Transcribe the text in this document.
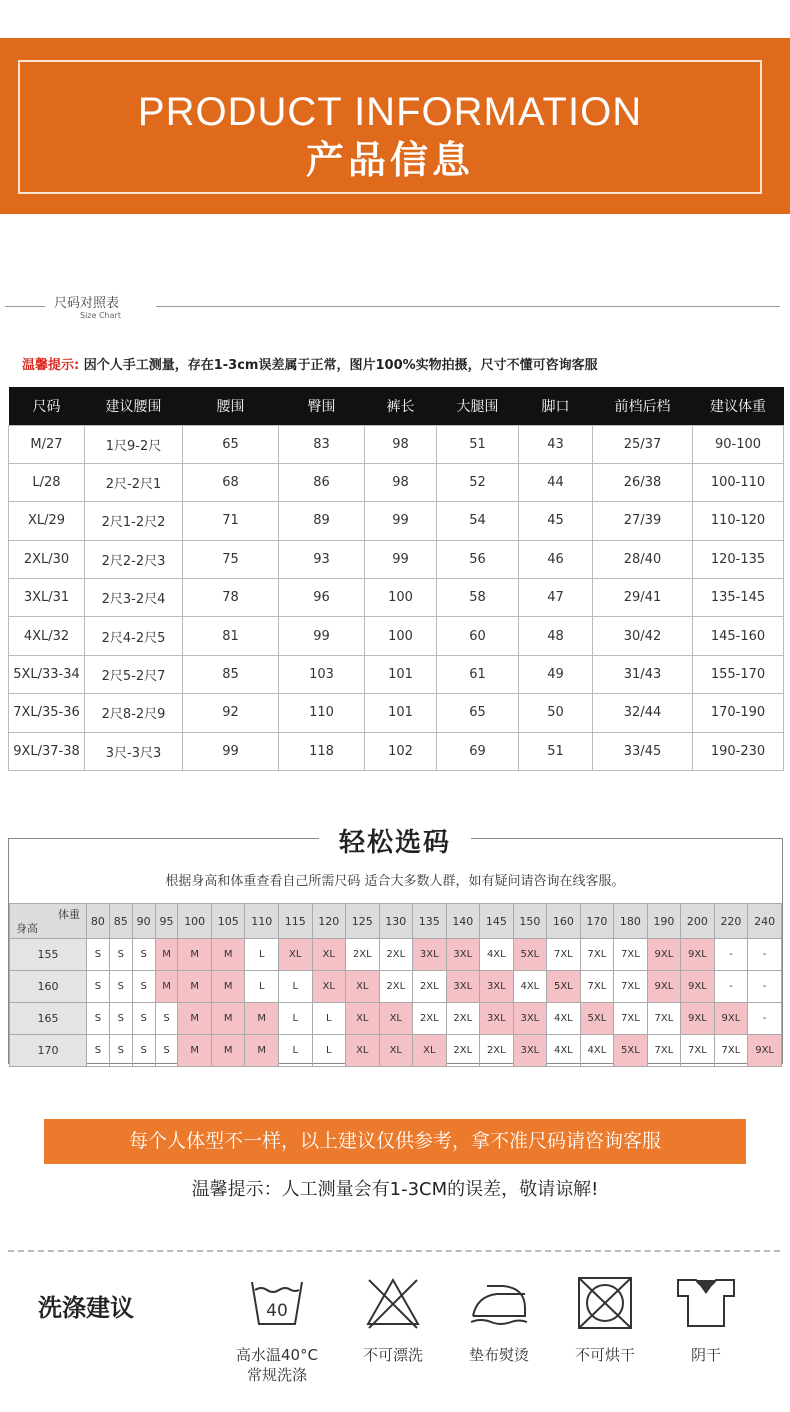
PRODUCT INFORMATION
产品信息
尺码对照表
Size Chart
温馨提示: 因个人手工测量，存在1-3cm误差属于正常，图片100%实物拍摄，尺寸不懂可咨询客服
尺码	建议腰围	腰围	臀围	裤长	大腿围	脚口	前档后档	建议体重
M/27	1尺9-2尺	65	83	98	51	43	25/37	90-100
L/28	2尺-2尺1	68	86	98	52	44	26/38	100-110
XL/29	2尺1-2尺2	71	89	99	54	45	27/39	110-120
2XL/30	2尺2-2尺3	75	93	99	56	46	28/40	120-135
3XL/31	2尺3-2尺4	78	96	100	58	47	29/41	135-145
4XL/32	2尺4-2尺5	81	99	100	60	48	30/42	145-160
5XL/33-34	2尺5-2尺7	85	103	101	61	49	31/43	155-170
7XL/35-36	2尺8-2尺9	92	110	101	65	50	32/44	170-190
9XL/37-38	3尺-3尺3	99	118	102	69	51	33/45	190-230
轻松选码
根据身高和体重查看自己所需尺码 适合大多数人群，如有疑问请咨询在线客服。
体重
身高	80	85	90	95	100	105	110	115	120	125	130	135	140	145	150	160	170	180	190	200	220	240
155	S	S	S	M	M	M	L	XL	XL	2XL	2XL	3XL	3XL	4XL	5XL	7XL	7XL	7XL	9XL	9XL	-	-
160	S	S	S	M	M	M	L	L	XL	XL	2XL	2XL	3XL	3XL	4XL	5XL	7XL	7XL	9XL	9XL	-	-
165	S	S	S	S	M	M	M	L	L	XL	XL	2XL	2XL	3XL	3XL	4XL	5XL	7XL	7XL	9XL	9XL	-
170	S	S	S	S	M	M	M	L	L	XL	XL	XL	2XL	2XL	3XL	4XL	4XL	5XL	7XL	7XL	7XL	9XL
每个人体型不一样，以上建议仅供参考，拿不准尺码请咨询客服
温馨提示：人工测量会有1-3CM的误差，敬请谅解!
洗涤建议	40
高水温40°C
常规洗涤
不可漂洗	垫布熨烫	不可烘干	阴干
